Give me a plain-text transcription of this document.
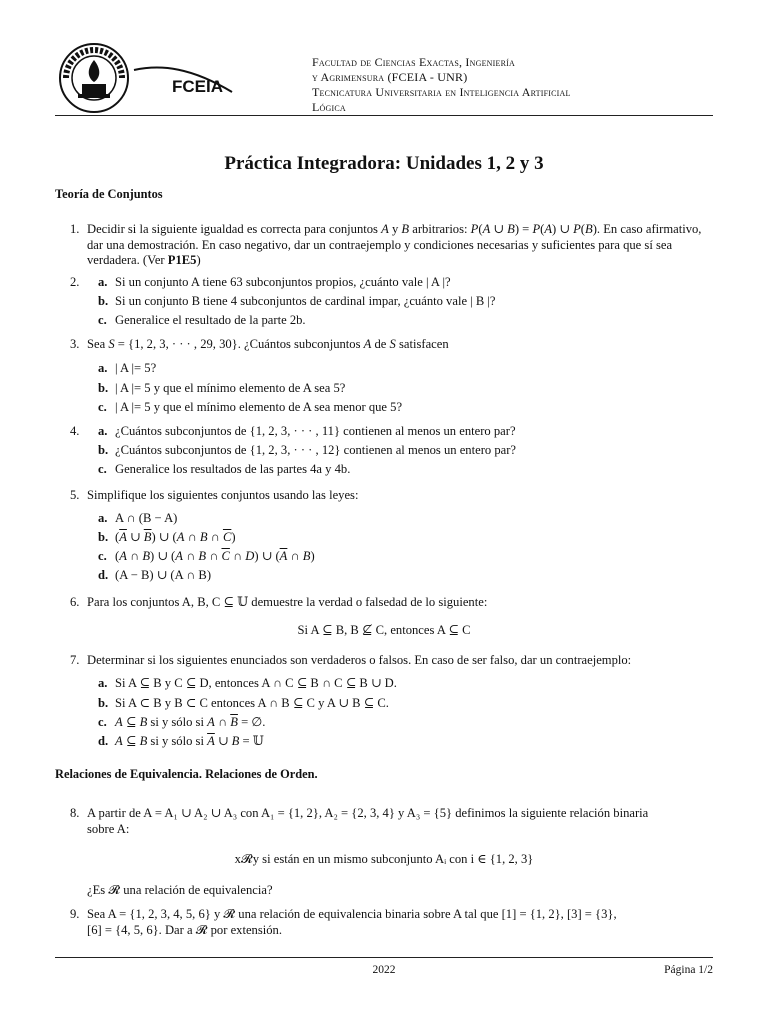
FCEIA
Facultad de Ciencias Exactas, Ingeniería
y Agrimensura (FCEIA - UNR)
Tecnicatura Universitaria en Inteligencia Artificial
Lógica
Práctica Integradora: Unidades 1, 2 y 3
Teoría de Conjuntos
1. Decidir si la siguiente igualdad es correcta para conjuntos A y B arbitrarios: P(A ∪ B) = P(A) ∪ P(B). En caso afirmativo, dar una demostración. En caso negativo, dar un contraejemplo y condiciones necesarias y suficientes para que sí sea verdadera. (Ver P1E5)
2. a. Si un conjunto A tiene 63 subconjuntos propios, ¿cuánto vale | A |?
b. Si un conjunto B tiene 4 subconjuntos de cardinal impar, ¿cuánto vale | B |?
c. Generalice el resultado de la parte 2b.
3. Sea S = {1, 2, 3, · · · , 29, 30}. ¿Cuántos subconjuntos A de S satisfacen
a. | A |= 5?
b. | A |= 5 y que el mínimo elemento de A sea 5?
c. | A |= 5 y que el mínimo elemento de A sea menor que 5?
4. a. ¿Cuántos subconjuntos de {1, 2, 3, · · · , 11} contienen al menos un entero par?
b. ¿Cuántos subconjuntos de {1, 2, 3, · · · , 12} contienen al menos un entero par?
c. Generalice los resultados de las partes 4a y 4b.
5. Simplifique los siguientes conjuntos usando las leyes:
a. A ∩ (B − A)
b. ($\overline{A}$ ∪ $\overline{B}$) ∪ (A ∩ B ∩ $\overline{C}$)
c. (A ∩ B) ∪ (A ∩ B ∩ $\overline{C}$ ∩ D) ∪ ($\overline{A}$ ∩ B)
d. (A − B) ∪ (A ∩ B)
6. Para los conjuntos A, B, C ⊆ 𝕌 demuestre la verdad o falsedad de lo siguiente:
Si A ⊆ B, B ⊈ C, entonces A ⊆ C
7. Determinar si los siguientes enunciados son verdaderos o falsos. En caso de ser falso, dar un contraejemplo:
a. Si A ⊆ B y C ⊆ D, entonces A ∩ C ⊆ B ∩ C ⊆ B ∪ D.
b. Si A ⊂ B y B ⊂ C entonces A ∩ B ⊆ C y A ∪ B ⊆ C.
c. A ⊆ B si y sólo si A ∩ $\overline{B}$ = ∅.
d. A ⊆ B si y sólo si $\overline{A}$ ∪ B = 𝕌
Relaciones de Equivalencia. Relaciones de Orden.
8. A partir de A = A₁ ∪ A₂ ∪ A₃ con A₁ = {1, 2}, A₂ = {2, 3, 4} y A₃ = {5} definimos la siguiente relación binaria
sobre A:
x𝓡y si están en un mismo subconjunto Aᵢ con i ∈ {1, 2, 3}
¿Es 𝓡 una relación de equivalencia?
9. Sea A = {1, 2, 3, 4, 5, 6} y 𝓡 una relación de equivalencia binaria sobre A tal que [1] = {1, 2}, [3] = {3},
[6] = {4, 5, 6}. Dar a 𝓡 por extensión.
2022	Página 1/2
